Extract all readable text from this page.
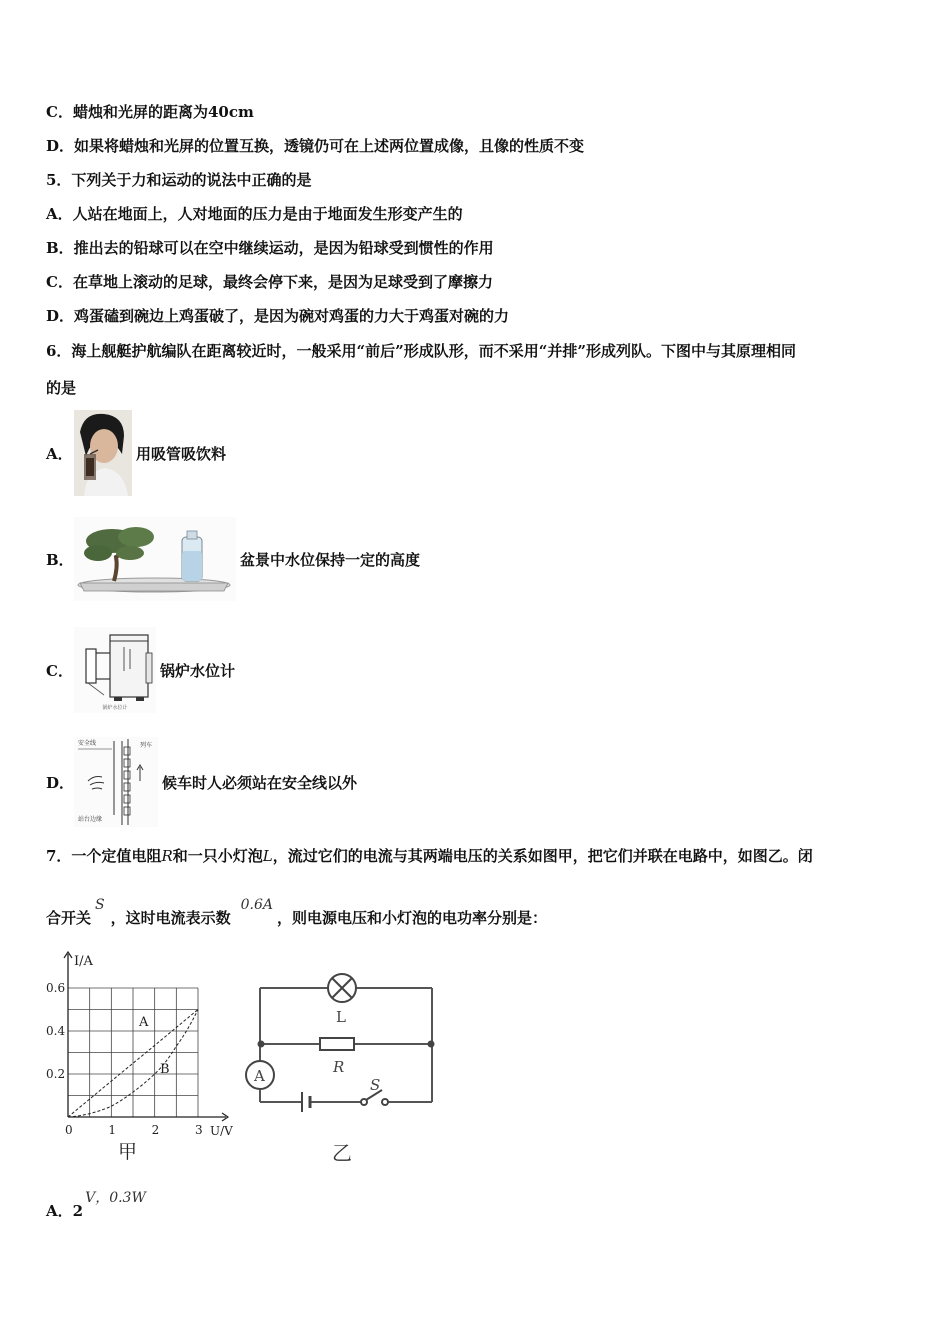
C．蜡烛和光屏的距离为40cm
D．如果将蜡烛和光屏的位置互换，透镜仍可在上述两位置成像，且像的性质不变
5．下列关于力和运动的说法中正确的是
A．人站在地面上，人对地面的压力是由于地面发生形变产生的
B．推出去的铅球可以在空中继续运动，是因为铅球受到惯性的作用
C．在草地上滚动的足球，最终会停下来，是因为足球受到了摩擦力
D．鸡蛋磕到碗边上鸡蛋破了，是因为碗对鸡蛋的力大于鸡蛋对碗的力
6．海上舰艇护航编队在距离较近时，一般采用“前后”形成队形，而不采用“并排”形成列队。下图中与其原理相同
的是
A．	用吸管吸饮料
B．	盆景中水位保持一定的高度
C．
锅炉水位计
锅炉水位计
D．
安全线	列车
站台边缘
候车时人必须站在安全线以外
7．一个定值电阻R和一只小灯泡L，流过它们的电流与其两端电压的关系如图甲，把它们并联在电路中，如图乙。闭
合开关S，这时电流表示数0.6A，则电源电压和小灯泡的电功率分别是：
I/A
U/V
0.6
0.4
0.2
0	1	2	3
A
B
甲
L
R
A	S
乙
A．2V，0.3W
